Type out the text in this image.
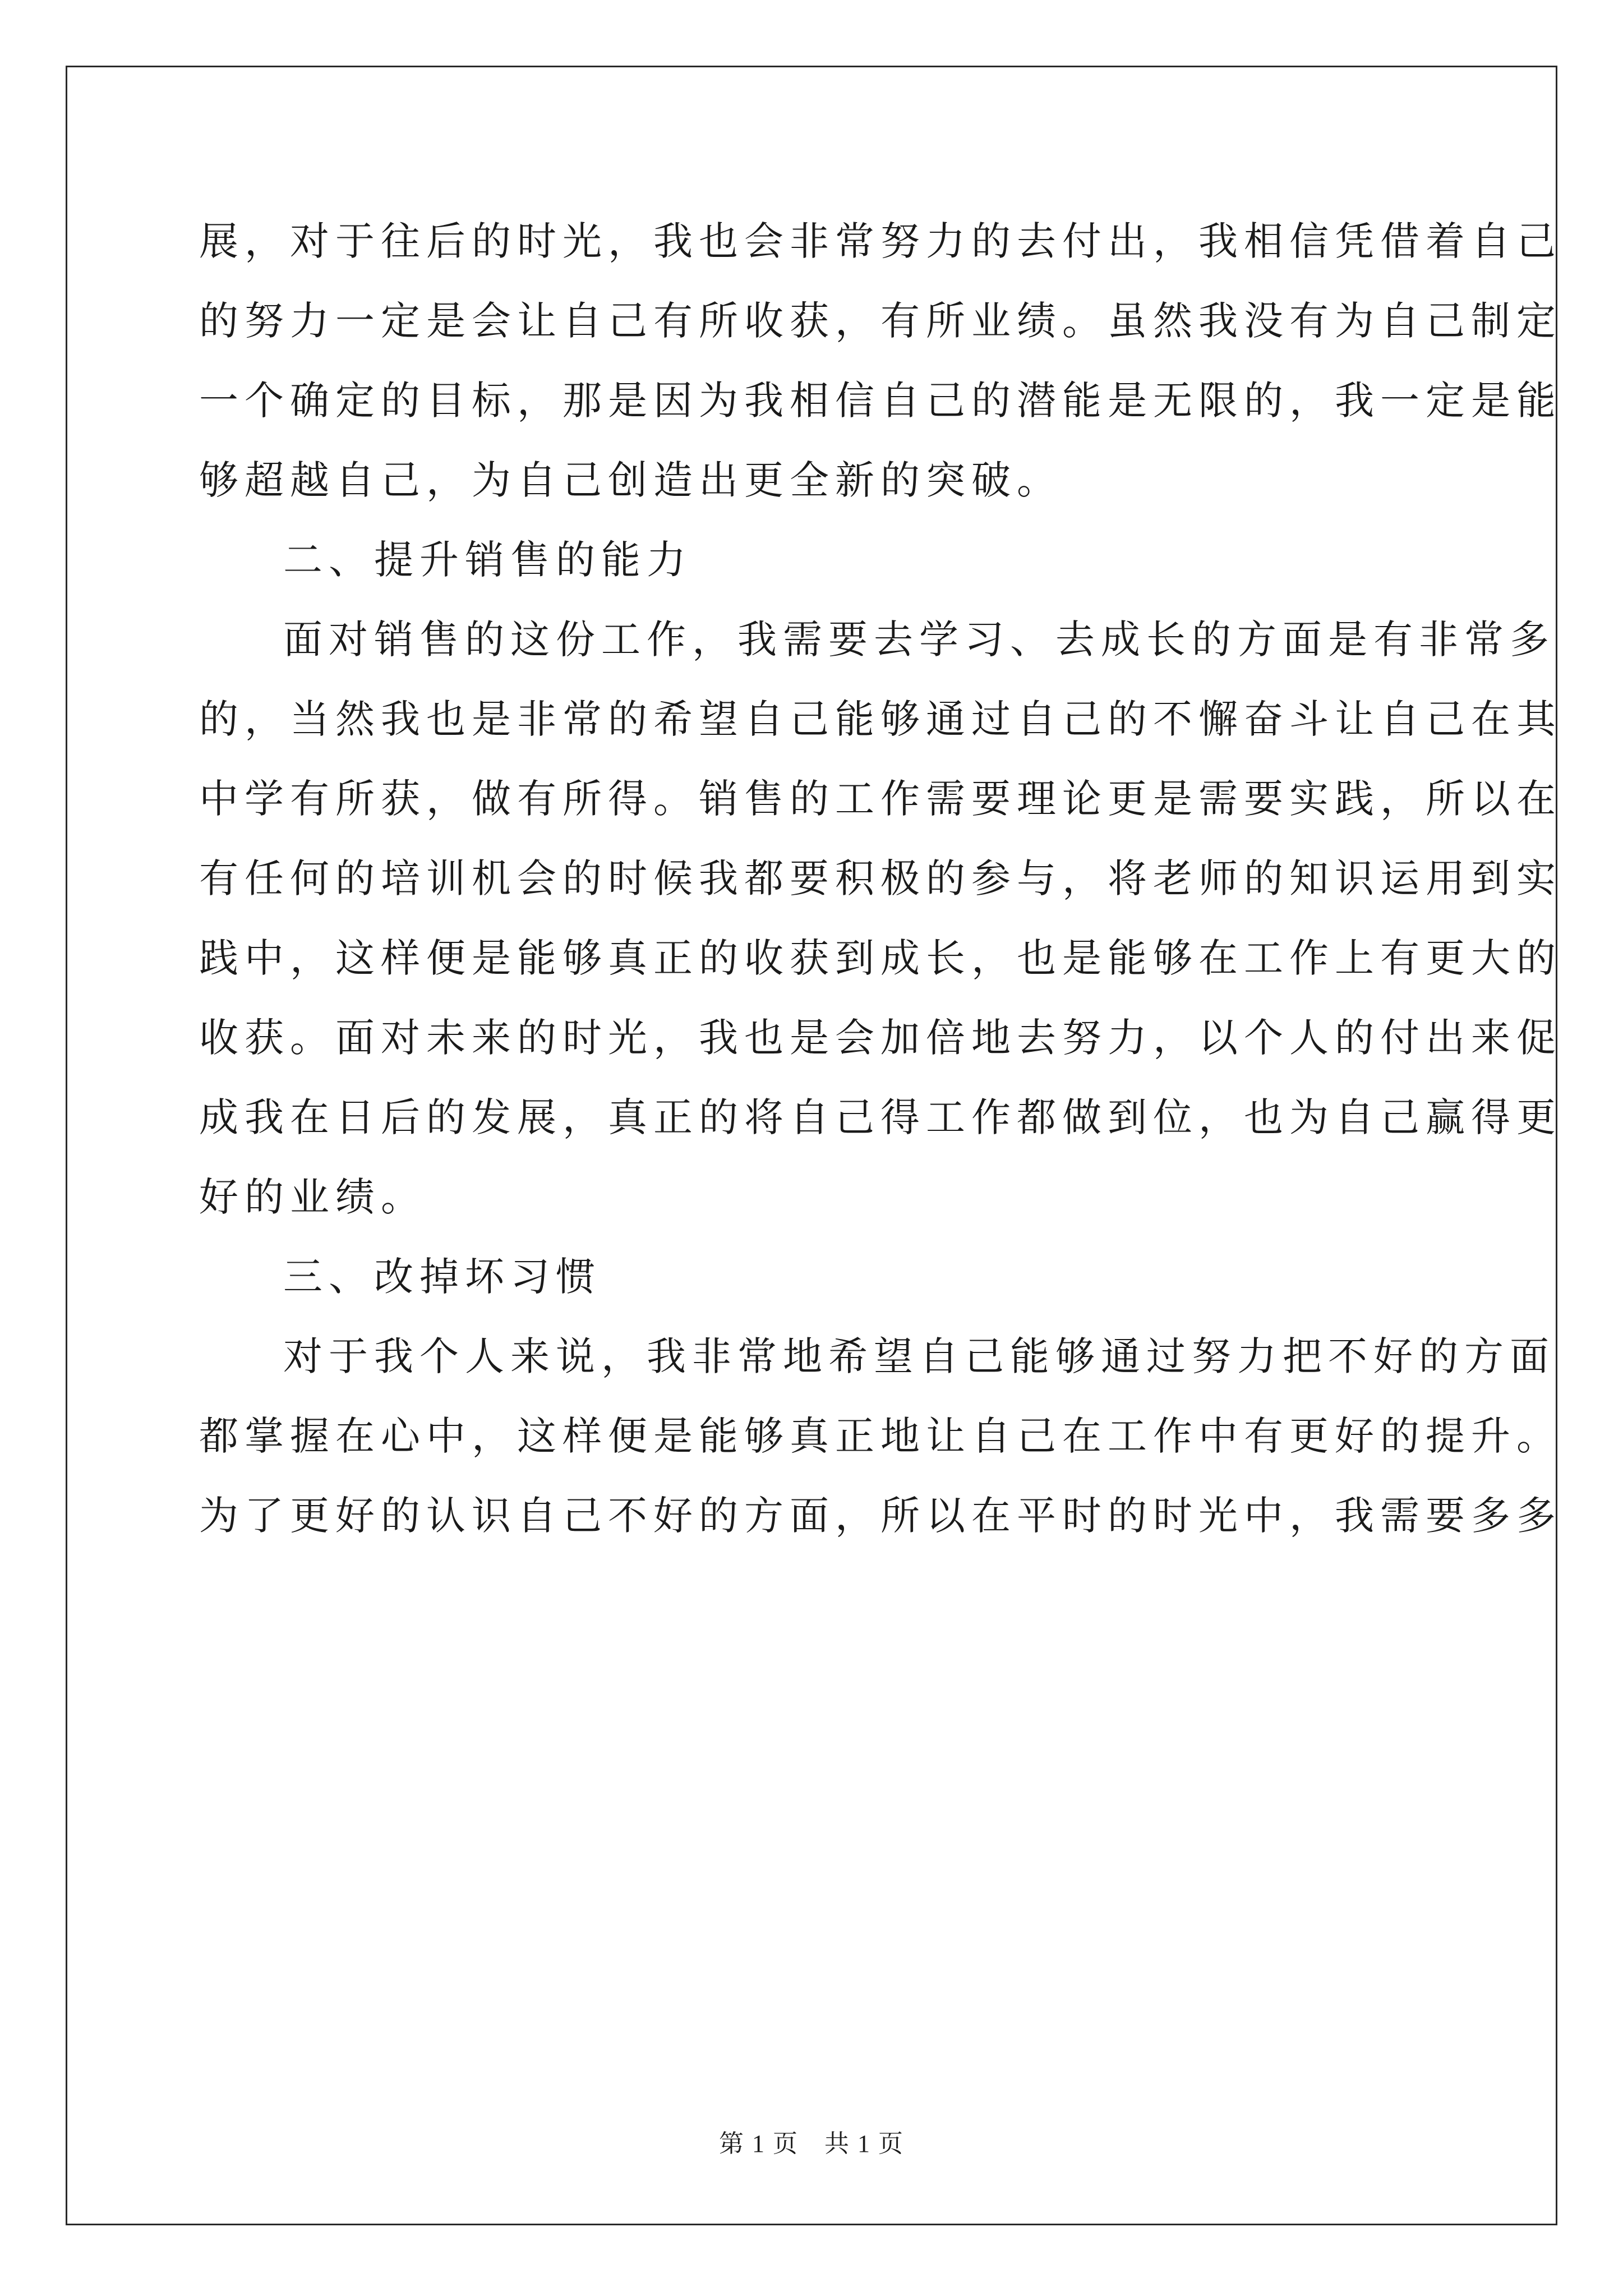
展，对于往后的时光，我也会非常努力的去付出，我相信凭借着自己
的努力一定是会让自己有所收获，有所业绩。虽然我没有为自己制定
一个确定的目标，那是因为我相信自己的潜能是无限的，我一定是能
够超越自己，为自己创造出更全新的突破。
二、提升销售的能力
面对销售的这份工作，我需要去学习、去成长的方面是有非常多
的，当然我也是非常的希望自己能够通过自己的不懈奋斗让自己在其
中学有所获，做有所得。销售的工作需要理论更是需要实践，所以在
有任何的培训机会的时候我都要积极的参与，将老师的知识运用到实
践中，这样便是能够真正的收获到成长，也是能够在工作上有更大的
收获。面对未来的时光，我也是会加倍地去努力，以个人的付出来促
成我在日后的发展，真正的将自己得工作都做到位，也为自己赢得更
好的业绩。
三、改掉坏习惯
对于我个人来说，我非常地希望自己能够通过努力把不好的方面
都掌握在心中，这样便是能够真正地让自己在工作中有更好的提升。
为了更好的认识自己不好的方面，所以在平时的时光中，我需要多多
第 1 页　共 1 页
